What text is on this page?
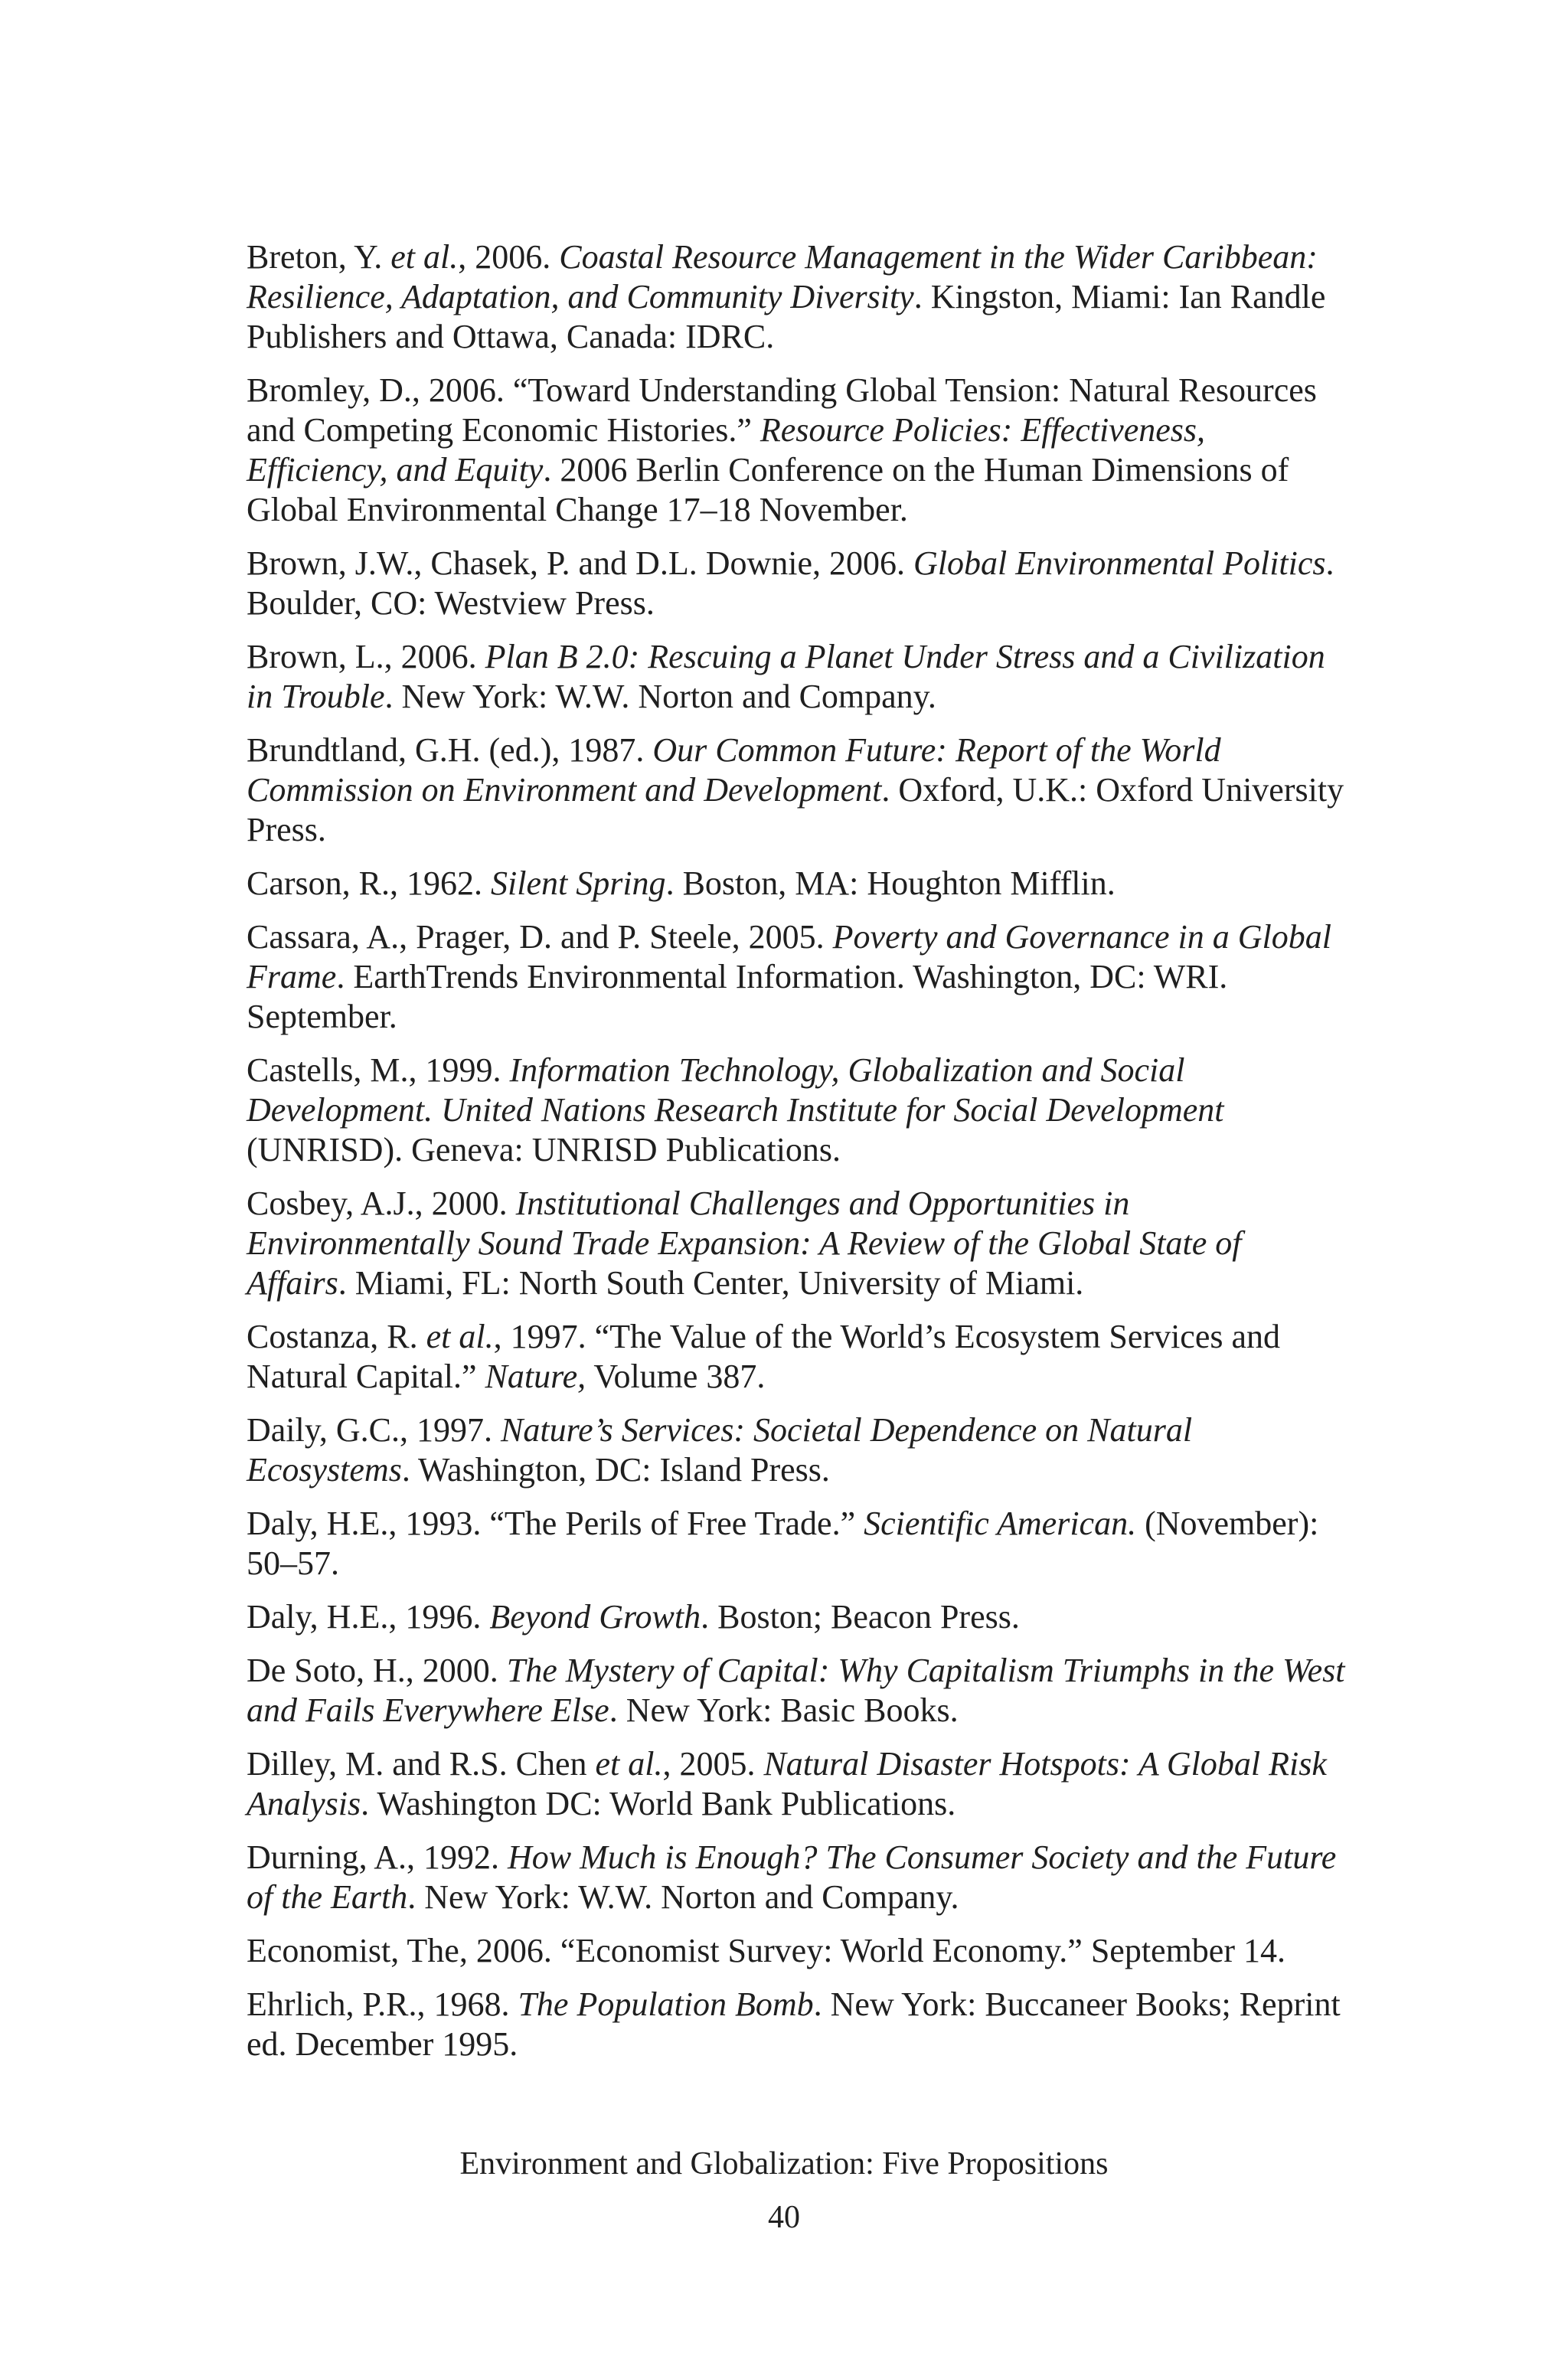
Breton, Y. et al., 2006. Coastal Resource Management in the Wider Caribbean: Resilience, Adaptation, and Community Diversity. Kingston, Miami: Ian Randle Publishers and Ottawa, Canada: IDRC.

Bromley, D., 2006. “Toward Understanding Global Tension: Natural Resources and Competing Economic Histories.” Resource Policies: Effectiveness, Efficiency, and Equity. 2006 Berlin Conference on the Human Dimensions of Global Environmental Change 17–18 November.

Brown, J.W., Chasek, P. and D.L. Downie, 2006. Global Environmental Politics. Boulder, CO: Westview Press.

Brown, L., 2006. Plan B 2.0: Rescuing a Planet Under Stress and a Civilization in Trouble. New York: W.W. Norton and Company.

Brundtland, G.H. (ed.), 1987. Our Common Future: Report of the World Commission on Environment and Development. Oxford, U.K.: Oxford University Press.

Carson, R., 1962. Silent Spring. Boston, MA: Houghton Mifflin.

Cassara, A., Prager, D. and P. Steele, 2005. Poverty and Governance in a Global Frame. EarthTrends Environmental Information. Washington, DC: WRI. September.

Castells, M., 1999. Information Technology, Globalization and Social Development. United Nations Research Institute for Social Development (UNRISD). Geneva: UNRISD Publications.

Cosbey, A.J., 2000. Institutional Challenges and Opportunities in Environmentally Sound Trade Expansion: A Review of the Global State of Affairs. Miami, FL: North South Center, University of Miami.

Costanza, R. et al., 1997. “The Value of the World’s Ecosystem Services and Natural Capital.” Nature, Volume 387.

Daily, G.C., 1997. Nature’s Services: Societal Dependence on Natural Ecosystems. Washington, DC: Island Press.

Daly, H.E., 1993. “The Perils of Free Trade.” Scientific American. (November): 50–57.

Daly, H.E., 1996. Beyond Growth. Boston; Beacon Press.

De Soto, H., 2000. The Mystery of Capital: Why Capitalism Triumphs in the West and Fails Everywhere Else. New York: Basic Books.

Dilley, M. and R.S. Chen et al., 2005. Natural Disaster Hotspots: A Global Risk Analysis. Washington DC: World Bank Publications.

Durning, A., 1992. How Much is Enough? The Consumer Society and the Future of the Earth. New York: W.W. Norton and Company.

Economist, The, 2006. “Economist Survey: World Economy.” September 14.

Ehrlich, P.R., 1968. The Population Bomb. New York: Buccaneer Books; Reprint ed. December 1995.

Environment and Globalization: Five Propositions
40
